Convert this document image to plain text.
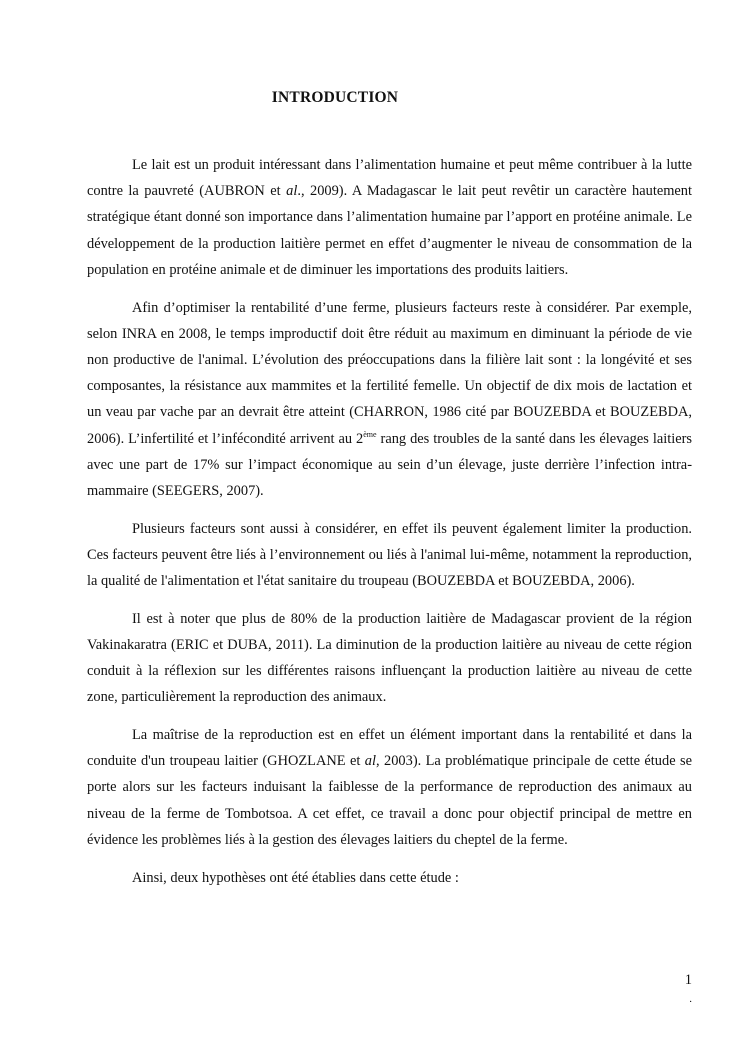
INTRODUCTION

Le lait est un produit intéressant dans l’alimentation humaine et peut même contribuer à la lutte contre la pauvreté (AUBRON et al., 2009). A Madagascar le lait peut revêtir un caractère hautement stratégique étant donné son importance dans l’alimentation humaine par l’apport en protéine animale. Le développement de la production laitière permet en effet d’augmenter le niveau de consommation de la population en protéine animale et de diminuer les importations des produits laitiers.

Afin d’optimiser la rentabilité d’une ferme, plusieurs facteurs reste à considérer. Par exemple, selon INRA en 2008, le temps improductif doit être réduit au maximum en diminuant la période de vie non productive de l'animal. L’évolution des préoccupations dans la filière lait sont : la longévité et ses composantes, la résistance aux mammites et la fertilité femelle. Un objectif de dix mois de lactation et un veau par vache par an devrait être atteint (CHARRON, 1986 cité par BOUZEBDA et BOUZEBDA, 2006). L’infertilité et l’infécondité arrivent au 2ème rang des troubles de la santé dans les élevages laitiers avec une part de 17% sur l’impact économique au sein d’un élevage, juste derrière l’infection intra-mammaire (SEEGERS, 2007).

Plusieurs facteurs sont aussi à considérer, en effet ils peuvent également limiter la production. Ces facteurs peuvent être liés à l’environnement ou liés à l'animal lui-même, notamment la reproduction, la qualité de l'alimentation et l'état sanitaire du troupeau (BOUZEBDA et BOUZEBDA, 2006).

Il est à noter que plus de 80% de la production laitière de Madagascar provient de la région Vakinakaratra (ERIC et DUBA, 2011). La diminution de la production laitière au niveau de cette région conduit à la réflexion sur les différentes raisons influençant la production laitière au niveau de cette zone, particulièrement la reproduction des animaux.

La maîtrise de la reproduction est en effet un élément important dans la rentabilité et dans la conduite d'un troupeau laitier (GHOZLANE et al, 2003). La problématique principale de cette étude se porte alors sur les facteurs induisant la faiblesse de la performance de reproduction des animaux au niveau de la ferme de Tombotsoa. A cet effet, ce travail a donc pour objectif principal de mettre en évidence les problèmes liés à la gestion des élevages laitiers du cheptel de la ferme.

Ainsi, deux hypothèses ont été établies dans cette étude :

1
.
